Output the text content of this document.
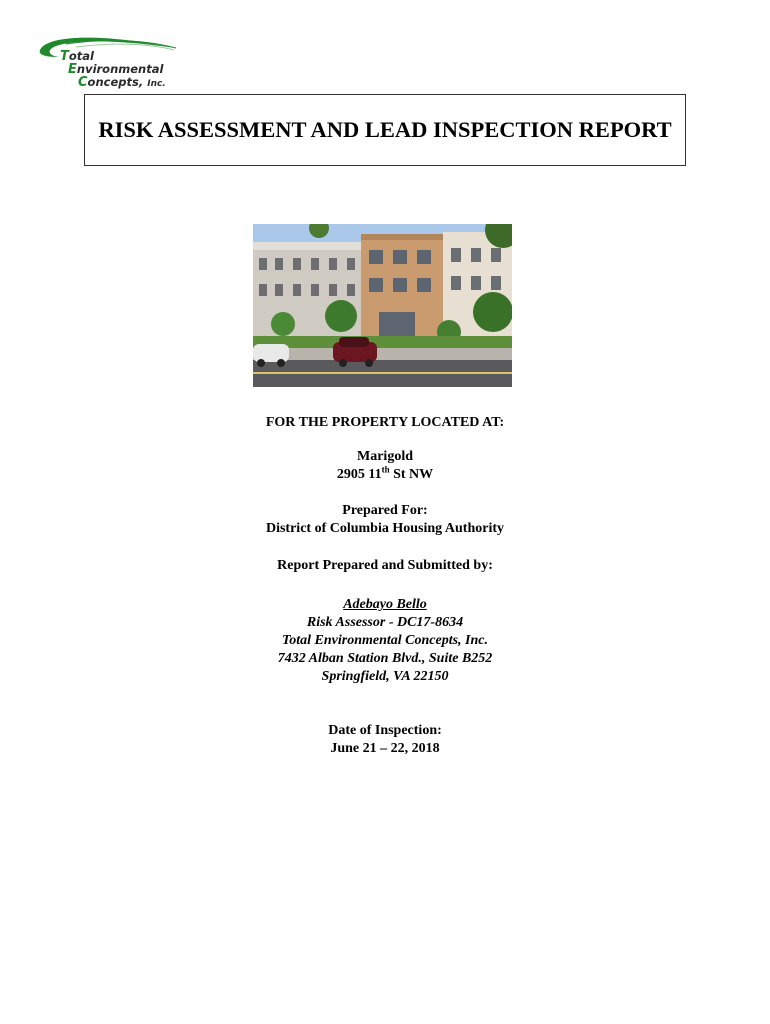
Total
Environmental
Concepts, Inc.
RISK ASSESSMENT AND LEAD INSPECTION REPORT
FOR THE PROPERTY LOCATED AT:
Marigold
2905 11th St NW
Prepared For:
District of Columbia Housing Authority
Report Prepared and Submitted by:
Adebayo Bello
Risk Assessor - DC17-8634
Total Environmental Concepts, Inc.
7432 Alban Station Blvd., Suite B252
Springfield, VA 22150
Date of Inspection:
June 21 – 22, 2018
